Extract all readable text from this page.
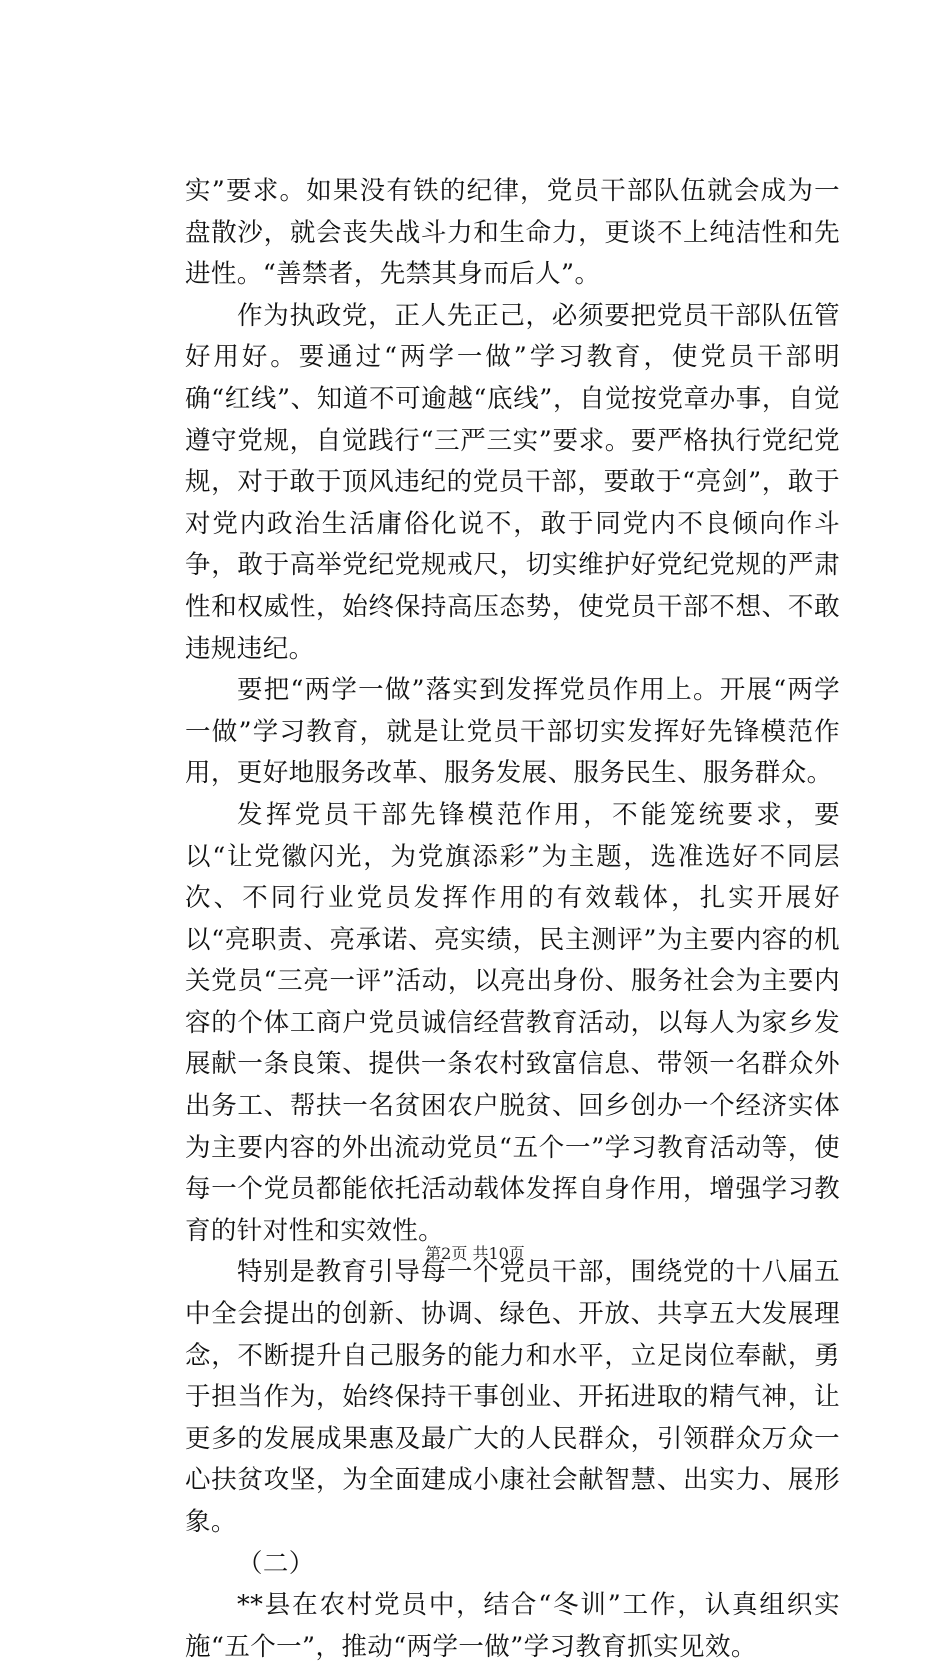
实”要求。如果没有铁的纪律，党员干部队伍就会成为一盘散沙，就会丧失战斗力和生命力，更谈不上纯洁性和先进性。“善禁者，先禁其身而后人”。

作为执政党，正人先正己，必须要把党员干部队伍管好用好。要通过“两学一做”学习教育，使党员干部明确“红线”、知道不可逾越“底线”，自觉按党章办事，自觉遵守党规，自觉践行“三严三实”要求。要严格执行党纪党规，对于敢于顶风违纪的党员干部，要敢于“亮剑”，敢于对党内政治生活庸俗化说不，敢于同党内不良倾向作斗争，敢于高举党纪党规戒尺，切实维护好党纪党规的严肃性和权威性，始终保持高压态势，使党员干部不想、不敢违规违纪。

要把“两学一做”落实到发挥党员作用上。开展“两学一做”学习教育，就是让党员干部切实发挥好先锋模范作用，更好地服务改革、服务发展、服务民生、服务群众。

发挥党员干部先锋模范作用，不能笼统要求，要以“让党徽闪光，为党旗添彩”为主题，选准选好不同层次、不同行业党员发挥作用的有效载体，扎实开展好以“亮职责、亮承诺、亮实绩，民主测评”为主要内容的机关党员“三亮一评”活动，以亮出身份、服务社会为主要内容的个体工商户党员诚信经营教育活动，以每人为家乡发展献一条良策、提供一条农村致富信息、带领一名群众外出务工、帮扶一名贫困农户脱贫、回乡创办一个经济实体为主要内容的外出流动党员“五个一”学习教育活动等，使每一个党员都能依托活动载体发挥自身作用，增强学习教育的针对性和实效性。

特别是教育引导每一个党员干部，围绕党的十八届五中全会提出的创新、协调、绿色、开放、共享五大发展理念，不断提升自己服务的能力和水平，立足岗位奉献，勇于担当作为，始终保持干事创业、开拓进取的精气神，让更多的发展成果惠及最广大的人民群众，引领群众万众一心扶贫攻坚，为全面建成小康社会献智慧、出实力、展形象。

（二）

**县在农村党员中，结合“冬训”工作，认真组织实施“五个一”，推动“两学一做”学习教育抓实见效。

第2页 共10页
